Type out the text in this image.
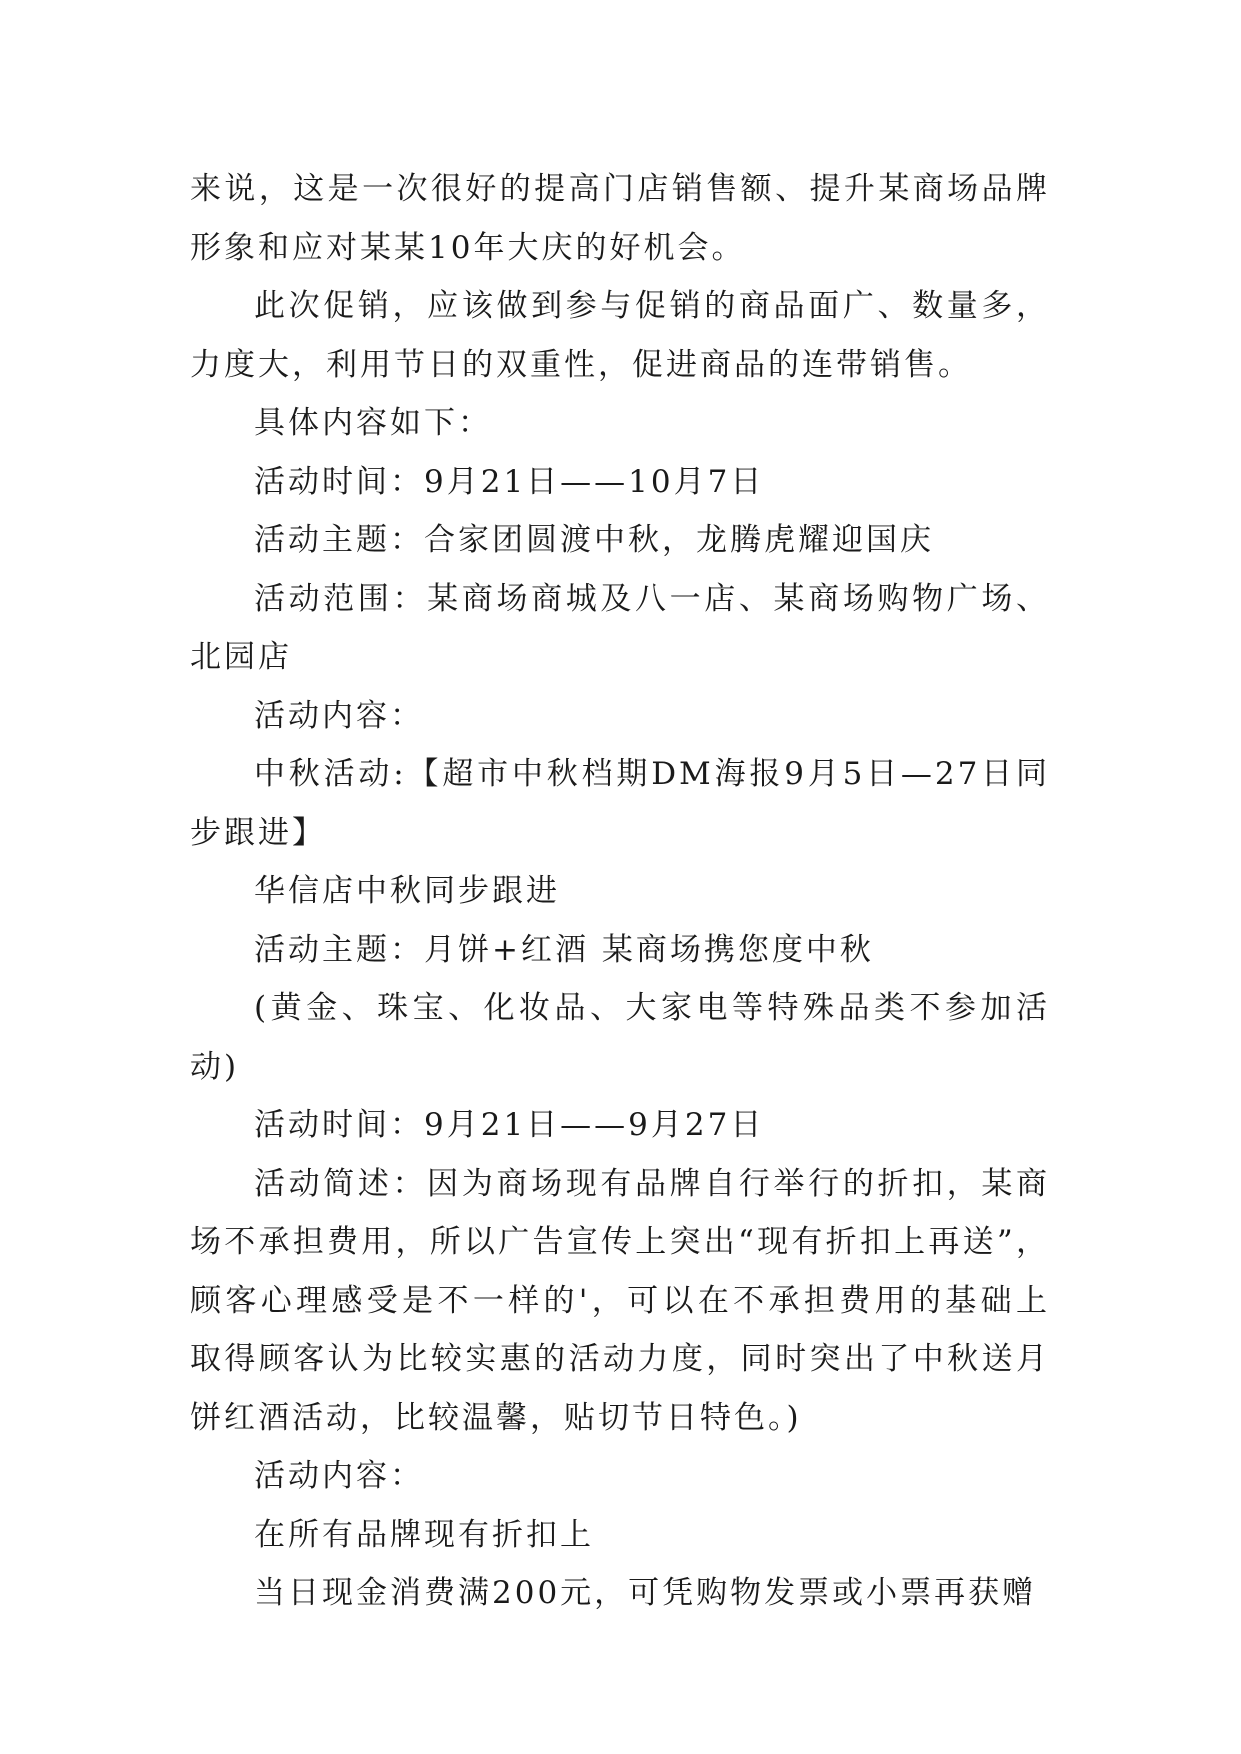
来说，这是一次很好的提高门店销售额、提升某商场品牌形象和应对某某10年大庆的好机会。

此次促销，应该做到参与促销的商品面广、数量多，力度大，利用节日的双重性，促进商品的连带销售。

具体内容如下：

活动时间：9月21日——10月7日

活动主题：合家团圆渡中秋，龙腾虎耀迎国庆

活动范围：某商场商城及八一店、某商场购物广场、北园店

活动内容：

中秋活动:【超市中秋档期DM海报9月5日—27日同步跟进】

华信店中秋同步跟进

活动主题：月饼+红酒 某商场携您度中秋

(黄金、珠宝、化妆品、大家电等特殊品类不参加活动)

活动时间：9月21日——9月27日

活动简述：因为商场现有品牌自行举行的折扣，某商场不承担费用，所以广告宣传上突出“现有折扣上再送”，顾客心理感受是不一样的'，可以在不承担费用的基础上取得顾客认为比较实惠的活动力度，同时突出了中秋送月饼红酒活动，比较温馨，贴切节日特色。)

活动内容：

在所有品牌现有折扣上

当日现金消费满200元，可凭购物发票或小票再获赠
